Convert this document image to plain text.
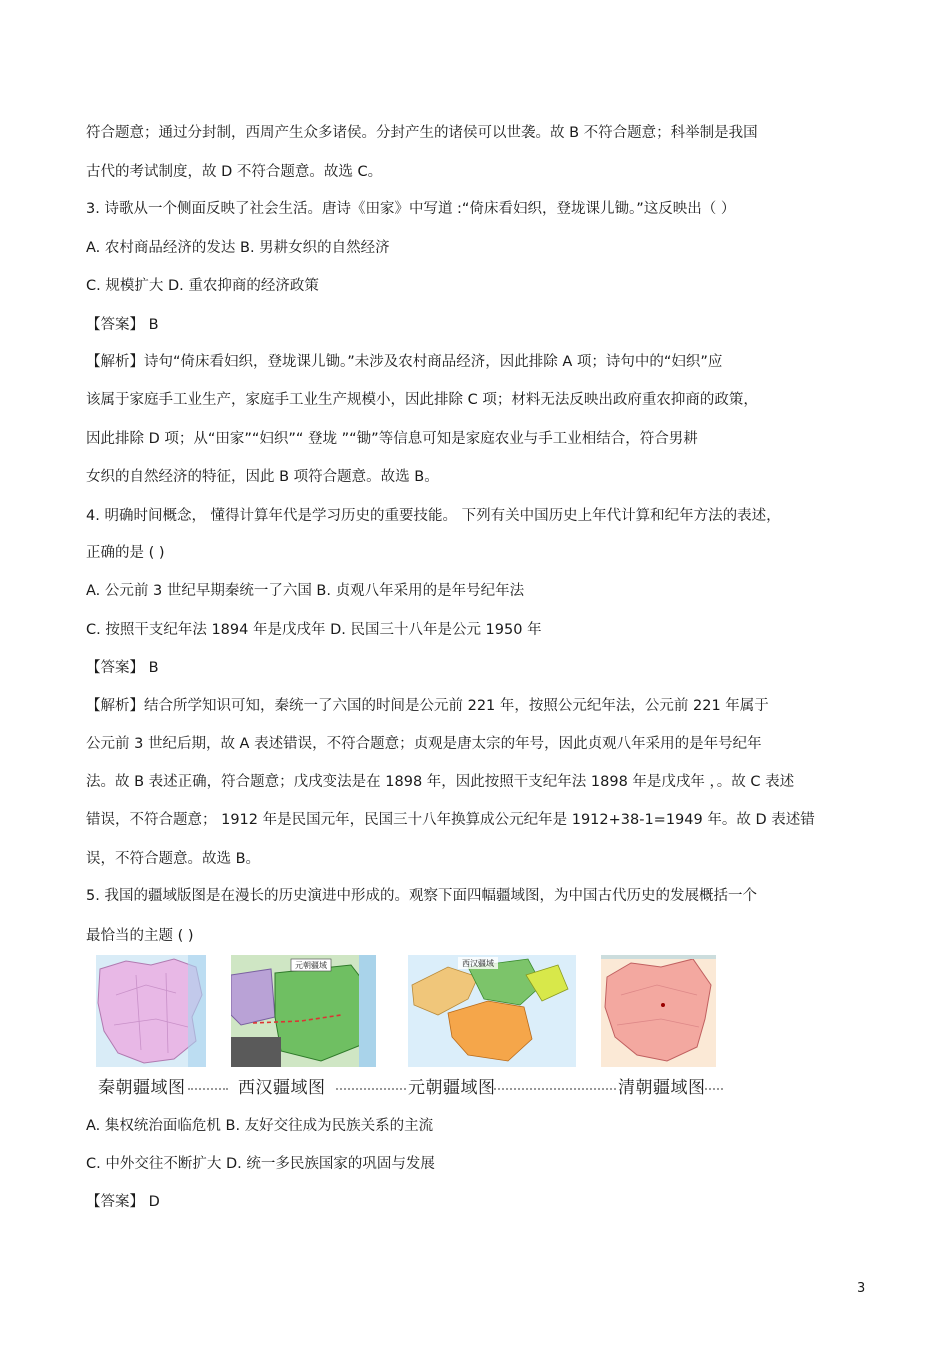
符合题意；通过分封制，西周产生众多诸侯。分封产生的诸侯可以世袭。故 B 不符合题意；科举制是我国
古代的考试制度，故 D 不符合题意。故选 C。
3. 诗歌从一个侧面反映了社会生活。唐诗《田家》中写道 :“倚床看妇织，登垅课儿锄。”这反映出（ ）
A. 农村商品经济的发达 B. 男耕女织的自然经济
C. 规模扩大 D. 重农抑商的经济政策
【答案】 B
【解析】诗句“倚床看妇织，登垅课儿锄。”未涉及农村商品经济，因此排除 A 项；诗句中的“妇织”应
该属于家庭手工业生产，家庭手工业生产规模小，因此排除 C 项；材料无法反映出政府重农抑商的政策，
因此排除 D 项；从“田家”“妇织”“ 登垅 ”“锄”等信息可知是家庭农业与手工业相结合，符合男耕
女织的自然经济的特征，因此 B 项符合题意。故选 B。
4. 明确时间概念， 懂得计算年代是学习历史的重要技能。 下列有关中国历史上年代计算和纪年方法的表述，
正确的是 ( )
A. 公元前 3 世纪早期秦统一了六国 B. 贞观八年采用的是年号纪年法
C. 按照干支纪年法 1894 年是戊戌年 D. 民国三十八年是公元 1950 年
【答案】 B
【解析】结合所学知识可知，秦统一了六国的时间是公元前 221 年，按照公元纪年法，公元前 221 年属于
公元前 3 世纪后期，故 A 表述错误，不符合题意；贞观是唐太宗的年号，因此贞观八年采用的是年号纪年
法。故 B 表述正确，符合题意；戊戌变法是在 1898 年，因此按照干支纪年法 1898 年是戊戌年 ，。故 C 表述
错误，不符合题意； 1912 年是民国元年，民国三十八年换算成公元纪年是 1912+38-1=1949 年。故 D 表述错
误，不符合题意。故选 B。
5. 我国的疆域版图是在漫长的历史演进中形成的。观察下面四幅疆域图，为中国古代历史的发展概括一个
最恰当的主题 ( )
元朝疆域	西汉疆域
秦朝疆域图	西汉疆域图	元朝疆域图	清朝疆域图
A. 集权统治面临危机 B. 友好交往成为民族关系的主流
C. 中外交往不断扩大 D. 统一多民族国家的巩固与发展
【答案】 D
3
